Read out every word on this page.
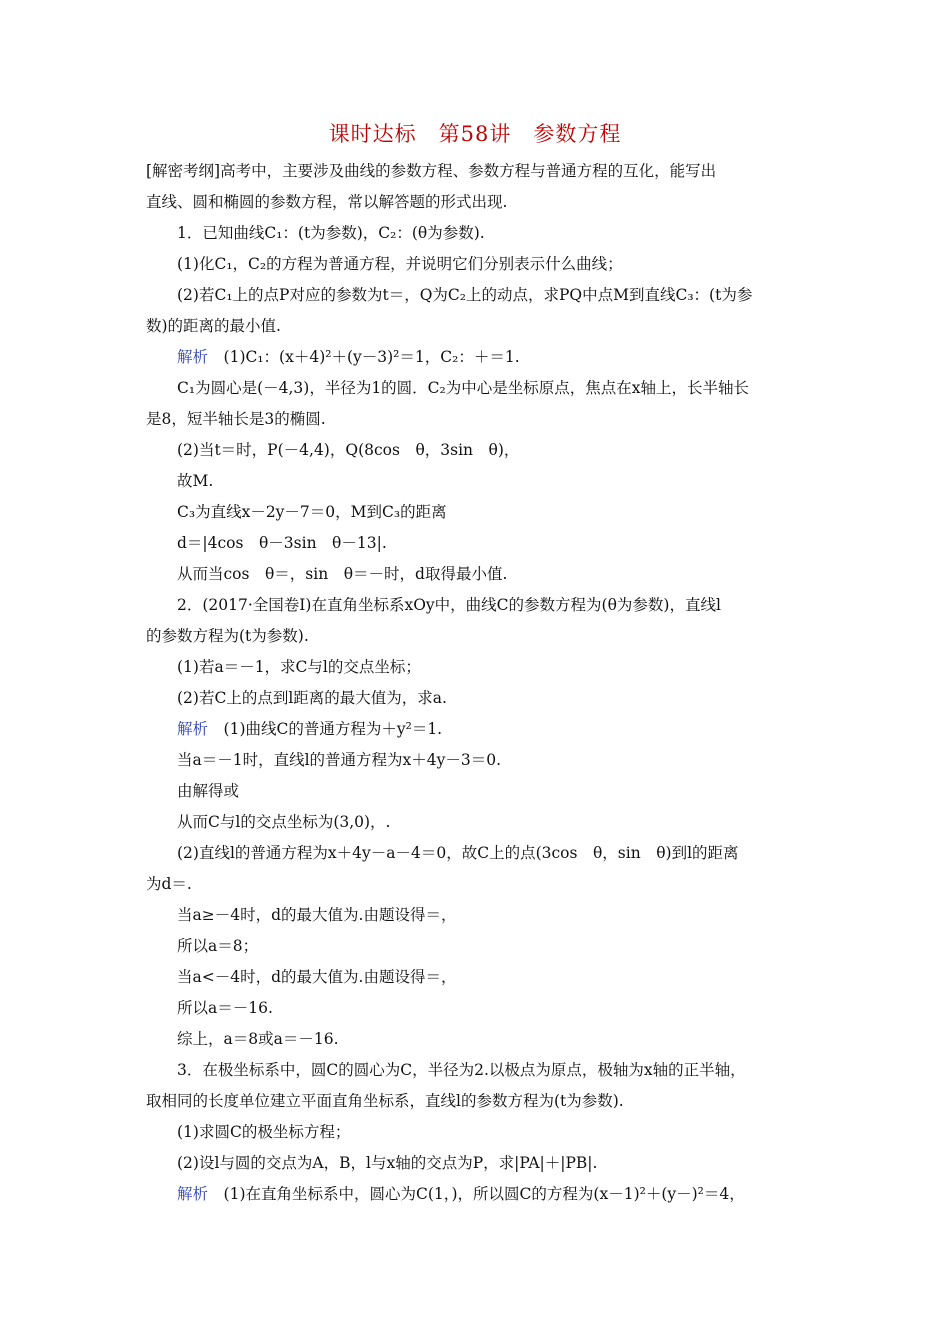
课时达标　第58讲　参数方程
[解密考纲]高考中，主要涉及曲线的参数方程、参数方程与普通方程的互化，能写出
直线、圆和椭圆的参数方程，常以解答题的形式出现.
1．已知曲线C₁：(t为参数)，C₂：(θ为参数).
(1)化C₁，C₂的方程为普通方程，并说明它们分别表示什么曲线；
(2)若C₁上的点P对应的参数为t＝，Q为C₂上的动点，求PQ中点M到直线C₃：(t为参
数)的距离的最小值.
解析　 (1)C₁：(x＋4)²＋(y－3)²＝1，C₂：＋＝1.
C₁为圆心是(－4,3)，半径为1的圆．C₂为中心是坐标原点，焦点在x轴上，长半轴长
是8，短半轴长是3的椭圆.
(2)当t＝时，P(－4,4)，Q(8cos　θ，3sin　θ)，
故M.
C₃为直线x－2y－7＝0，M到C₃的距离
d＝|4cos　θ－3sin　θ－13|.
从而当cos　θ＝，sin　θ＝－时，d取得最小值.
2．(2017·全国卷Ⅰ)在直角坐标系xOy中，曲线C的参数方程为(θ为参数)，直线l
的参数方程为(t为参数).
(1)若a＝－1，求C与l的交点坐标；
(2)若C上的点到l距离的最大值为，求a.
解析　 (1)曲线C的普通方程为＋y²＝1.
当a＝－1时，直线l的普通方程为x＋4y－3＝0.
由解得或
从而C与l的交点坐标为(3,0)，.
(2)直线l的普通方程为x＋4y－a－4＝0，故C上的点(3cos　θ，sin　θ)到l的距离
为d＝.
当a≥－4时，d的最大值为.由题设得＝，
所以a＝8；
当a<－4时，d的最大值为.由题设得＝，
所以a＝－16.
综上，a＝8或a＝－16.
3．在极坐标系中，圆C的圆心为C，半径为2.以极点为原点，极轴为x轴的正半轴，
取相同的长度单位建立平面直角坐标系，直线l的参数方程为(t为参数).
(1)求圆C的极坐标方程；
(2)设l与圆的交点为A，B，l与x轴的交点为P，求|PA|＋|PB|.
解析　 (1)在直角坐标系中，圆心为C(1，)，所以圆C的方程为(x－1)²＋(y－)²＝4，
